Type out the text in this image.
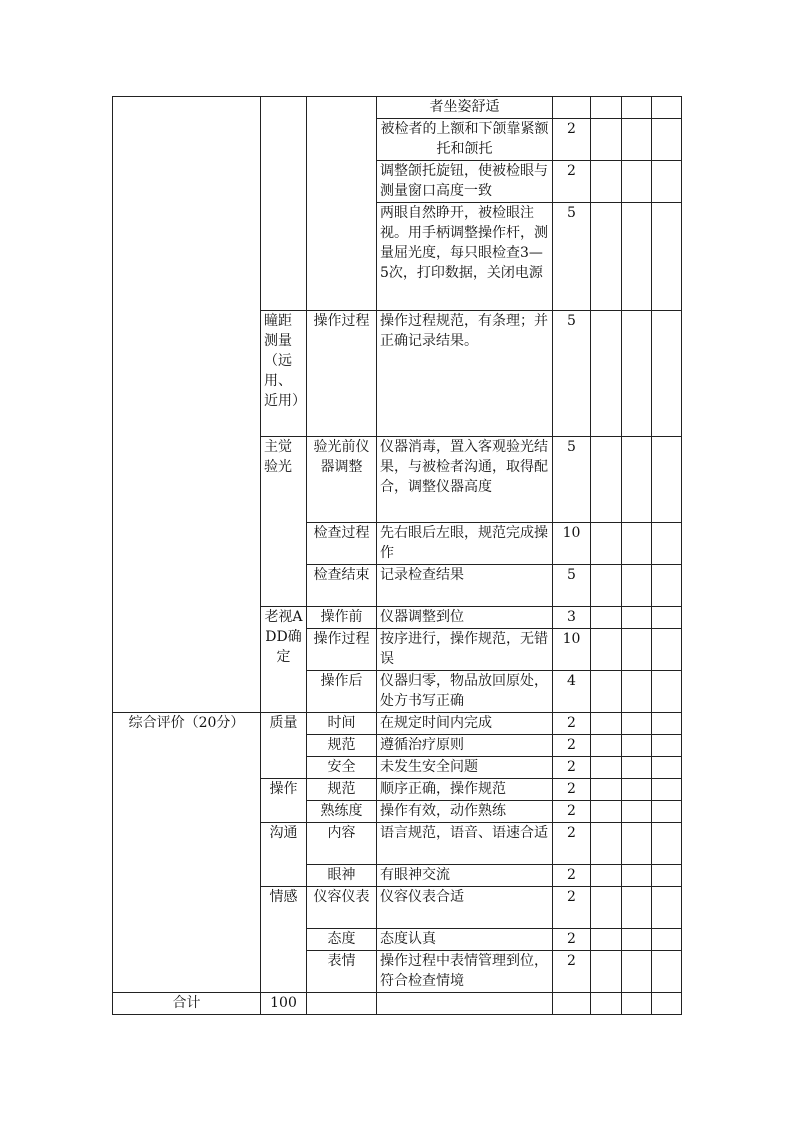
			者坐姿舒适				
			被检者的上额和下颌靠紧额托和颌托	2			
			调整颌托旋钮，使被检眼与测量窗口高度一致	2			
			两眼自然睁开，被检眼注视。用手柄调整操作杆，测量屈光度，每只眼检查3—5次，打印数据，关闭电源	5			
	瞳距测量（远用、近用）	操作过程	操作过程规范，有条理；并正确记录结果。	5			
	主觉验光	验光前仪器调整	仪器消毒，置入客观验光结果，与被检者沟通，取得配合，调整仪器高度	5			
		检查过程	先右眼后左眼，规范完成操作	10			
		检查结束	记录检查结果	5			
	老视ADD确定	操作前	仪器调整到位	3			
		操作过程	按序进行，操作规范，无错误	10			
		操作后	仪器归零，物品放回原处，处方书写正确	4			
综合评价（20分）	质量	时间	在规定时间内完成	2			
		规范	遵循治疗原则	2			
		安全	未发生安全问题	2			
	操作	规范	顺序正确，操作规范	2			
		熟练度	操作有效，动作熟练	2			
	沟通	内容	语言规范，语音、语速合适	2			
		眼神	有眼神交流	2			
	情感	仪容仪表	仪容仪表合适	2			
		态度	态度认真	2			
		表情	操作过程中表情管理到位，符合检查情境	2			
合计	100						
